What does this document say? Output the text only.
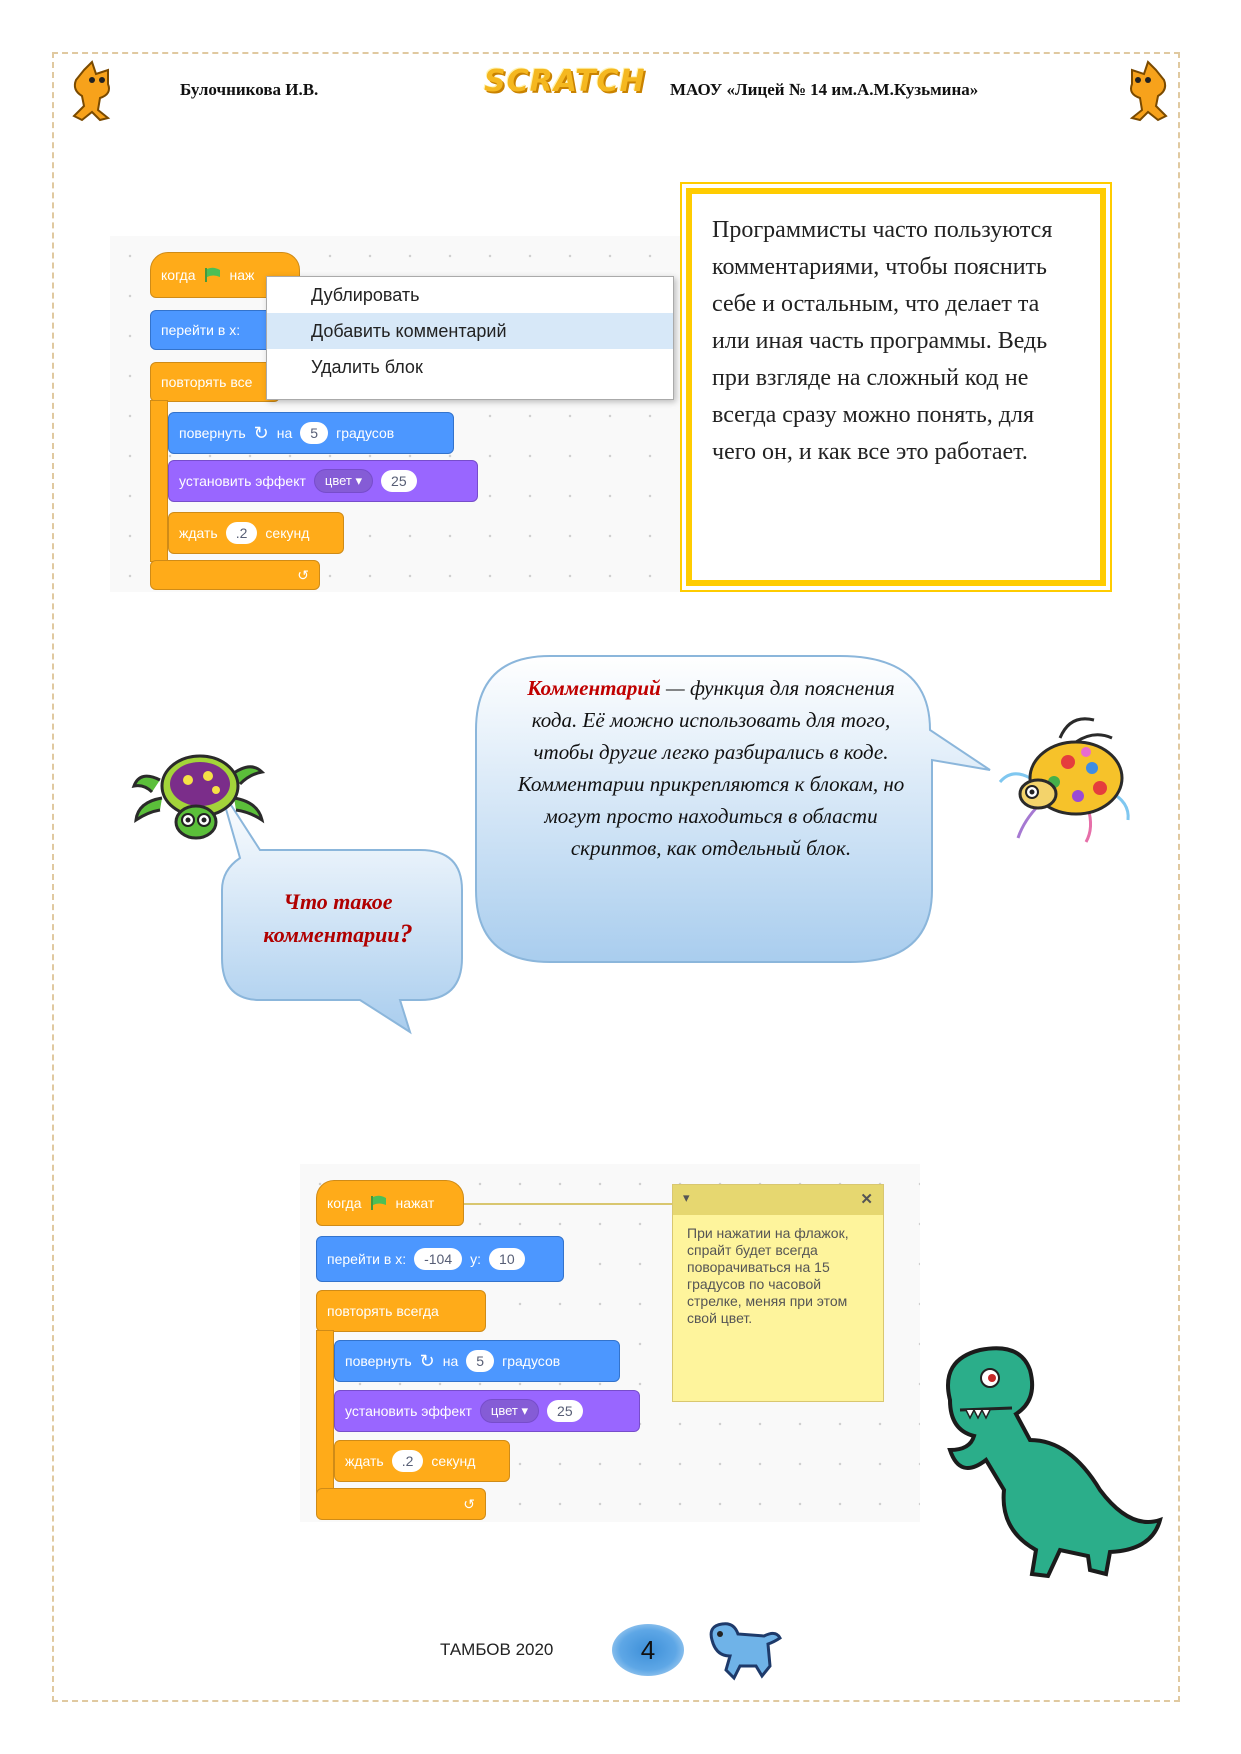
Булочникова И.В.	SCRATCH МАОУ «Лицей № 14 им.А.М.Кузьмина»
когда наж
перейти в x:
повторять все
повернуть ↻ на	5	градусов
установить эффект	цвет ▾	25
ждать	.2	секунд
↺
Дублировать
Добавить комментарий
Удалить блок
Программисты часто пользуются комментариями, чтобы пояснить себе и остальным, что делает та или иная часть программы. Ведь при взгляде на сложный код не всегда сразу можно понять, для чего он, и как все это работает.
Комментарий — функция для пояснения кода. Её можно использовать для того, чтобы другие легко разбирались в коде. Комментарии прикрепляются к блокам, но могут просто находиться в области скриптов, как отдельный блок.
Что такое
комментарии?
когда нажат
перейти в x:	-104	y:	10
повторять всегда
повернуть ↻ на	5	градусов
установить эффект	цвет ▾	25
ждать	.2	секунд
↺
▾	✕
При нажатии на флажок, спрайт будет всегда поворачиваться на 15 градусов по часовой стрелке, меняя при этом свой цвет.
ТАМБОВ 2020	4
